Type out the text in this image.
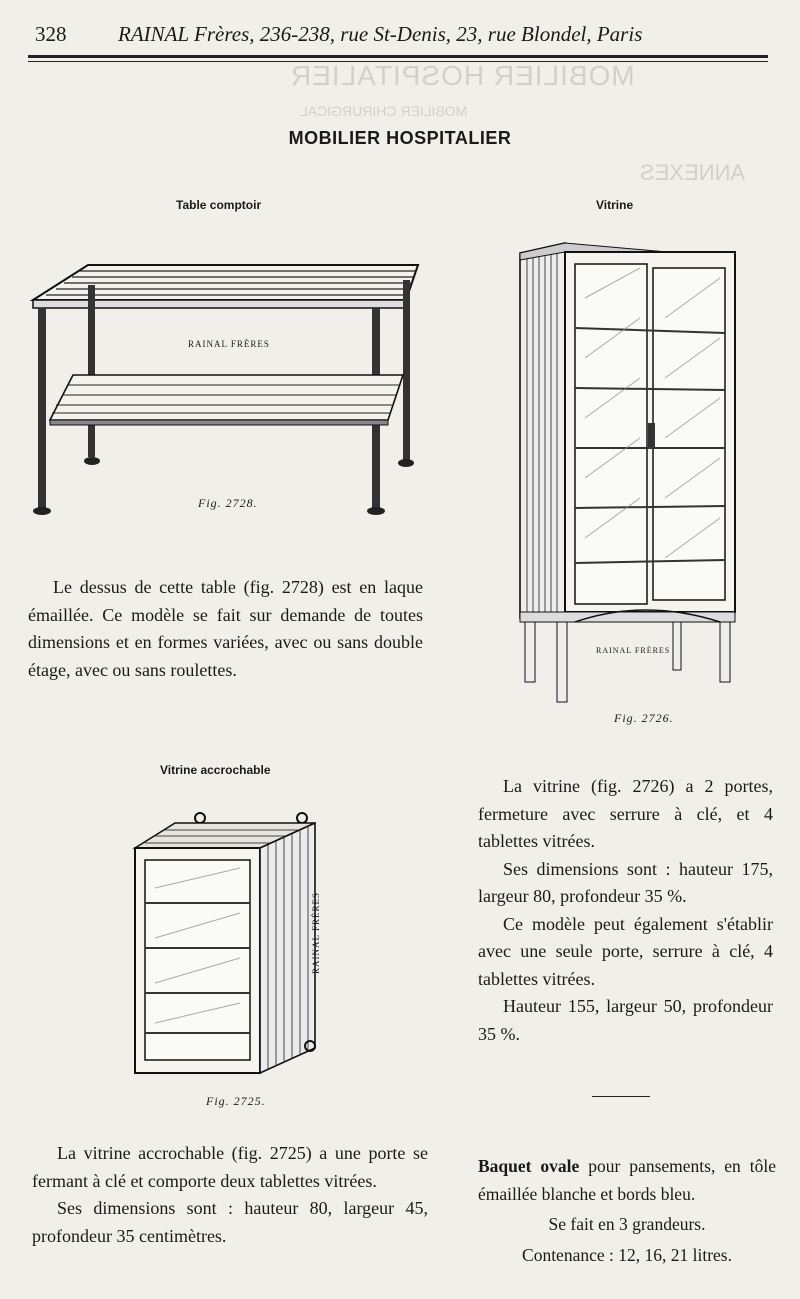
328 RAINAL Frères, 236-238, rue St-Denis, 23, rue Blondel, Paris
MOBILIER HOSPITALIER
MOBILIER CHIRURGICAL
ANNEXES
MOBILIER HOSPITALIER
Table comptoir
RAINAL FRÈRES
Fig. 2728.

Le dessus de cette table (fig. 2728) est en laque émaillée. Ce modèle se fait sur demande de toutes dimensions et en formes variées, avec ou sans double étage, avec ou sans roulettes.

Vitrine
RAINAL FRÈRES
Fig. 2726.

La vitrine (fig. 2726) a 2 portes, fermeture avec serrure à clé, et 4 tablettes vitrées.

Ses dimensions sont : hauteur 175, largeur 80, profondeur 35 %.

Ce modèle peut également s'établir avec une seule porte, serrure à clé, 4 tablettes vitrées.

Hauteur 155, largeur 50, profondeur 35 %.

Vitrine accrochable
RAINAL FRÈRES
Fig. 2725.

La vitrine accrochable (fig. 2725) a une porte se fermant à clé et comporte deux tablettes vitrées.

Ses dimensions sont : hauteur 80, largeur 45, profondeur 35 centimètres.

Baquet ovale pour pansements, en tôle émaillée blanche et bords bleu.

Se fait en 3 grandeurs.

Contenance : 12, 16, 21 litres.
